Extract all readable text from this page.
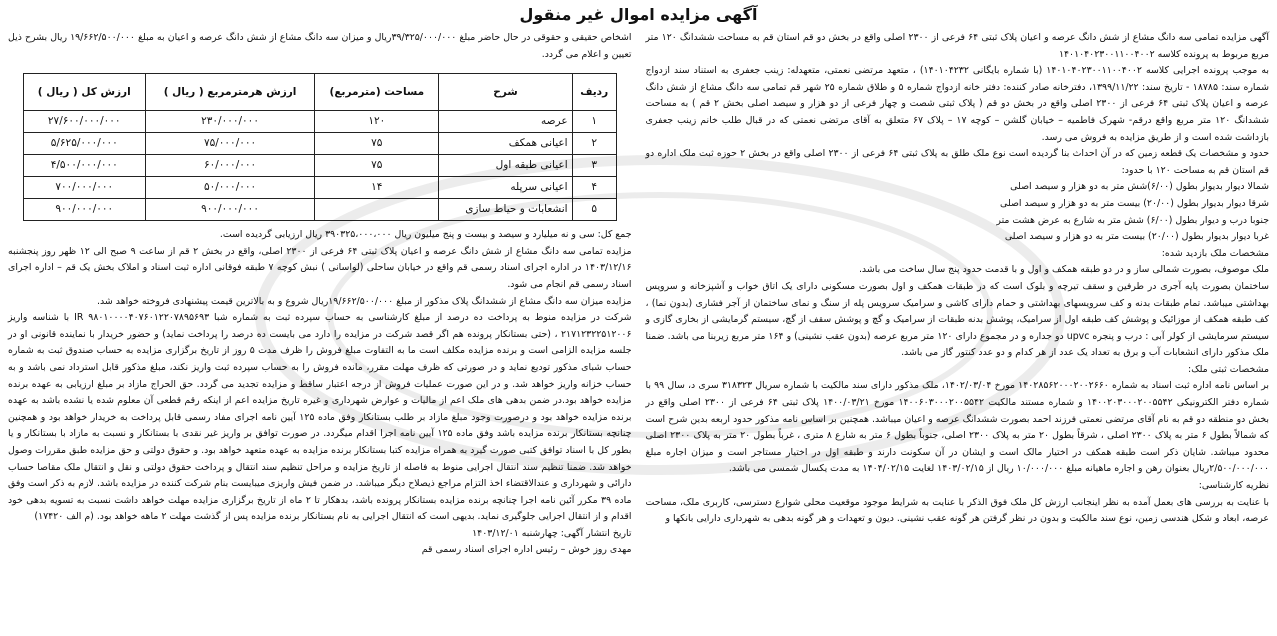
آگهی مزایده اموال غیر منقول

آگهی مزایده تمامی سه دانگ مشاع از شش دانگ عرصه و اعیان پلاک ثبتی ۶۴ فرعی از ۲۳۰۰ اصلی واقع در بخش دو قم استان قم به مساحت ششدانگ ۱۲۰ متر مربع مربوط به پرونده کلاسه ۱۴۰۱۰۴۰۲۳۰۰۱۱۰۰۴۰۰۲

به موجب پرونده اجرایی کلاسه ۱۴۰۱۰۴۰۲۳۰۰۱۱۰۰۴۰۰۲ (با شماره بایگانی ۱۴۰۱۰۴۲۳۲) ، متعهد مرتضی نعمتی، متعهدله: زینب جعفری به استناد سند ازدواج شماره سند: ۱۸۷۸۵ - تاریخ سند: ۱۳۹۹/۱۱/۲۲، دفترخانه صادر کننده: دفتر خانه ازدواج شماره ۵ و طلاق شماره ۲۵ شهر قم تمامی سه دانگ مشاع از شش دانگ عرصه و اعیان پلاک ثبتی ۶۴ فرعی از ۲۳۰۰ اصلی واقع در بخش دو قم ( پلاک ثبتی شصت و چهار فرعی از دو هزار و سیصد اصلی بخش ۲ قم ) به مساحت ششدانگ ۱۲۰ متر مربع واقع درقم- شهرک فاطمیه – خیابان گلشن – کوچه ۱۷ – پلاک ۶۷ متعلق به آقای مرتضی نعمتی که در قبال طلب خانم زینب جعفری بازداشت شده است و از طریق مزایده به فروش می رسد.

حدود و مشخصات یک قطعه زمین که در آن احداث بنا گردیده است نوع ملک طلق به پلاک ثبتی ۶۴ فرعی از ۲۳۰۰ اصلی واقع در بخش ۲ حوزه ثبت ملک اداره دو قم استان قم به مساحت ۱۲۰ با حدود:

شمالا دیوار بدیوار بطول (۶/۰۰)شش متر به دو هزار و سیصد اصلی

شرقا دیوار بدیوار بطول (۲۰/۰۰) بیست متر به دو هزار و سیصد اصلی

جنوبا درب و دیوار بطول (۶/۰۰) شش متر به شارع به عرض هشت متر

غربا دیوار بدیوار بطول (۲۰/۰۰) بیست متر به دو هزار و سیصد اصلی

مشخصات ملک بازدید شده:

ملک موصوف، بصورت شمالی ساز و در دو طبقه همکف و اول و با قدمت حدود پنج سال ساخت می باشد.

ساختمان بصورت پایه آجری در طرفین و سقف تیرچه و بلوک است که در طبقات همکف و اول بصورت مسکونی دارای یک اتاق خواب و آشپزخانه و سرویس بهداشتی میباشد. تمام طبقات بدنه و کف سرویسهای بهداشتی و حمام دارای کاشی و سرامیک سرویس پله از سنگ و نمای ساختمان از آجر فشاری (بدون نما) ، کف طبقه همکف از موزائیک و پوشش کف طبقه اول از سرامیک، پوشش بدنه طبقات از سرامیک و گچ و پوشش سقف از گچ، سیستم گرمایشی از بخاری گازی و سیستم سرمایشی از کولر آبی : درب و پنجره upvc دو جداره و در مجموع دارای ۱۲۰ متر مربع عرصه (بدون عقب نشینی) و ۱۶۴ متر مربع زیربنا می باشد. ضمنا ملک مذکور دارای انشعابات آب و برق به تعداد یک عدد از هر کدام و دو عدد کنتور گاز می باشد.

مشخصات ثبتی ملک:

بر اساس نامه اداره ثبت اسناد به شماره ۱۴۰۲۸۵۶۲۰۰۰۲۰۰۲۶۶۰ مورخ ۱۴۰۲/۰۳/۰۴، ملک مذکور دارای سند مالکیت با شماره سریال ۳۱۸۳۲۳ سری د، سال ۹۹ با شماره دفتر الکترونیکی ۱۴۰۰۲۰۳۰۰۰۲۰۰۵۵۴۲ و شماره مستند مالکیت ۱۴۰۰۶۰۳۰۰۰۲۰۰۵۵۴۲ مورخ ۱۴۰۰/۰۳/۲۱ پلاک ثبتی ۶۴ فرعی از ۲۳۰۰ اصلی واقع در بخش دو منطقه دو قم به نام آقای مرتضی نعمتی فرزند احمد بصورت ششدانگ عرصه و اعیان میباشد. همچنین بر اساس نامه مذکور حدود اربعه بدین شرح است که شمالاً بطول ۶ متر به پلاک ۲۳۰۰ اصلی ، شرقاً بطول ۲۰ متر به پلاک ۲۳۰۰ اصلی، جنوباً بطول ۶ متر به شارع ۸ متری ، غرباً بطول ۲۰ متر به پلاک ۲۳۰۰ اصلی محدود میباشد. شایان ذکر است طبقه همکف در اختیار مالک است و ایشان در آن سکونت دارند و طبقه اول در اختیار مستاجر است و میزان اجاره مبلغ ۲/۵۰۰/۰۰۰/۰۰۰ریال بعنوان رهن و اجاره ماهیانه مبلغ ۱۰/۰۰۰/۰۰۰ ریال از ۱۴۰۳/۰۲/۱۵ لغایت ۱۴۰۴/۰۲/۱۵ به مدت یکسال شمسی می باشد.

نظریه کارشناسی:

با عنایت به بررسی های بعمل آمده به نظر اینجانب ارزش کل ملک فوق الذکر با عنایت به شرایط موجود موقعیت محلی شوارع دسترسی، کاربری ملک، مساحت عرصه، ابعاد و شکل هندسی زمین، نوع سند مالکیت و بدون در نظر گرفتن هر گونه عقب نشینی. دیون و تعهدات و هر گونه بدهی به شهرداری دارایی بانکها و

اشخاص حقیقی و حقوقی در حال حاضر مبلغ ۳۹/۳۲۵/۰۰۰/۰۰۰ریال و میزان سه دانگ مشاع از شش دانگ عرصه و اعیان به مبلغ ۱۹/۶۶۲/۵۰۰/۰۰۰ ریال بشرح ذیل تعیین و اعلام می گردد.

ردیف	شرح	مساحت (مترمربع)	ارزش هرمترمربع ( ریال )	ارزش کل ( ریال )
۱	عرصه	۱۲۰	۲۳۰/۰۰۰/۰۰۰	۲۷/۶۰۰/۰۰۰/۰۰۰
۲	اعیانی همکف	۷۵	۷۵/۰۰۰/۰۰۰	۵/۶۲۵/۰۰۰/۰۰۰
۳	اعیانی طبقه اول	۷۵	۶۰/۰۰۰/۰۰۰	۴/۵۰۰/۰۰۰/۰۰۰
۴	اعیانی سرپله	۱۴	۵۰/۰۰۰/۰۰۰	۷۰۰/۰۰۰/۰۰۰
۵	انشعابات و حیاط سازی		۹۰۰/۰۰۰/۰۰۰	۹۰۰/۰۰۰/۰۰۰

جمع کل: سی و نه میلیارد و سیصد و بیست و پنج میلیون ریال ۳۹۰۳۲۵،۰۰۰،۰۰۰ ریال ارزیابی گردیده است.

مزایده تمامی سه دانگ مشاع از شش دانگ عرصه و اعیان پلاک ثبتی ۶۴ فرعی از ۲۳۰۰ اصلی، واقع در بخش ۲ قم از ساعت ۹ صبح الی ۱۲ ظهر روز پنجشنبه ۱۴۰۳/۱۲/۱۶ در اداره اجرای اسناد رسمی قم واقع در خیابان ساحلی (لواسانی ) نبش کوچه ۷ طبقه فوقانی اداره ثبت اسناد و املاک بخش یک قم – اداره اجرای اسناد رسمی قم انجام می شود.

مزایده میزان سه دانگ مشاع از ششدانگ پلاک مذکور از مبلغ ۱۹/۶۶۲/۵۰۰/۰۰۰ریال شروع و به بالاترین قیمت پیشنهادی فروخته خواهد شد.

شرکت در مزایده منوط به پرداخت ده درصد از مبلغ کارشناسی به حساب سپرده ثبت به شماره شبا IR ۹۸۰۱۰۰۰۰۴۰۷۶۰۱۲۲۰۷۸۹۵۶۹۳ با شناسه واریز ۲۱۷۱۲۳۲۲۵۱۲۰۰۶ ، (حتی بستانکار پرونده هم اگر قصد شرکت در مزایده را دارد می بایست ده درصد را پرداخت نماید) و حضور خریدار با نماینده قانونی او در جلسه مزایده الزامی است و برنده مزایده مکلف است ما به التفاوت مبلغ فروش را ظرف مدت ۵ روز از تاریخ برگزاری مزایده به حساب صندوق ثبت به شماره حساب شبای مذکور تودیع نماید و در صورتی که ظرف مهلت مقرر، مانده فروش را به حساب سپرده ثبت واریز نکند، مبلغ مذکور قابل استرداد نمی باشد و به حساب خزانه واریز خواهد شد. و در این صورت عملیات فروش از درجه اعتبار ساقط و مزایده تجدید می گردد. حق الحراج مازاد بر مبلغ ارزیابی به عهده برنده مزایده خواهد بود.در ضمن بدهی های ملک اعم از مالیات و عوارض شهرداری و غیره تاریخ مزایده اعم از اینکه رقم قطعی آن معلوم شده یا نشده باشد به عهده برنده مزایده خواهد بود و درصورت وجود مبلغ مازاد بر طلب بستانکار وفق ماده ۱۲۵ آیین نامه اجرای مفاد رسمی قابل پرداخت به خریدار خواهد بود و همچنین چنانچه بستانکار برنده مزایده باشد وفق ماده ۱۲۵ آیین نامه اجرا اقدام میگردد. در صورت توافق بر واریز غیر نقدی با بستانکار و نسبت به مازاد با بستانکار و یا بطور کل با اسناد توافق کتبی صورت گیرد به همراه مزایده کتبا بستانکار برنده مزایده به عهده متعهد خواهد بود. و حقوق دولتی و حق مزایده طبق مقررات وصول خواهد شد. ضمنا تنظیم سند انتقال اجرایی منوط به فاصله از تاریخ مزایده و مراحل تنظیم سند انتقال و پرداخت حقوق دولتی و نقل و انتقال ملک مقاصا حساب دارائی و شهرداری و عندالاقتضاء اخذ التزام مراجع ذیصلاح دیگر میباشد. در ضمن فیش واریزی میبایست بنام شرکت کننده در مزایده باشد. لازم به ذکر است وفق ماده ۳۹ مکرر آئین نامه اجرا چنانچه برنده مزایده بستانکار پرونده باشد، بدهکار تا ۲ ماه از تاریخ برگزاری مزایده مهلت خواهد داشت نسبت به تسویه بدهی خود اقدام و از انتقال اجرایی جلوگیری نماید. بدیهی است که انتقال اجرایی به نام بستانکار برنده مزایده پس از گذشت مهلت ۲ ماهه خواهد بود. (م الف ۱۷۴۲۰)

تاریخ انتشار آگهی: چهارشنبه ۱۴۰۳/۱۲/۰۱

مهدی روز خوش – رئیس اداره اجرای اسناد رسمی قم
